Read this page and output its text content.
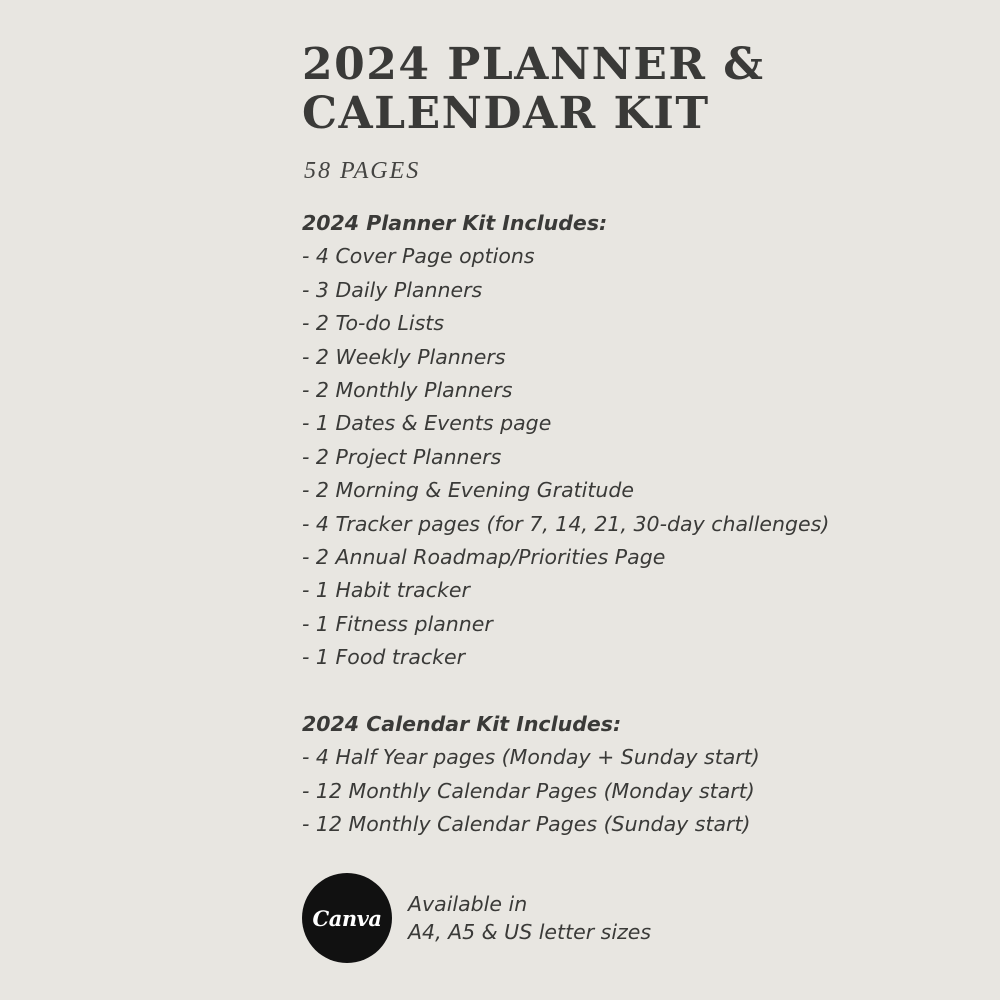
2024 PLANNER &
CALENDAR KIT
58 PAGES
2024 Planner Kit Includes:
- 4 Cover Page options
- 3 Daily Planners
- 2 To-do Lists
- 2 Weekly Planners
- 2 Monthly Planners
- 1 Dates & Events page
- 2 Project Planners
- 2 Morning & Evening Gratitude
- 4 Tracker pages (for 7, 14, 21, 30-day challenges)
- 2 Annual Roadmap/Priorities Page
- 1 Habit tracker
- 1 Fitness planner
- 1 Food tracker
2024 Calendar Kit Includes:
- 4 Half Year pages (Monday + Sunday start)
- 12 Monthly Calendar Pages (Monday start)
- 12 Monthly Calendar Pages (Sunday start)
Canva
Available in
A4, A5 & US letter sizes
